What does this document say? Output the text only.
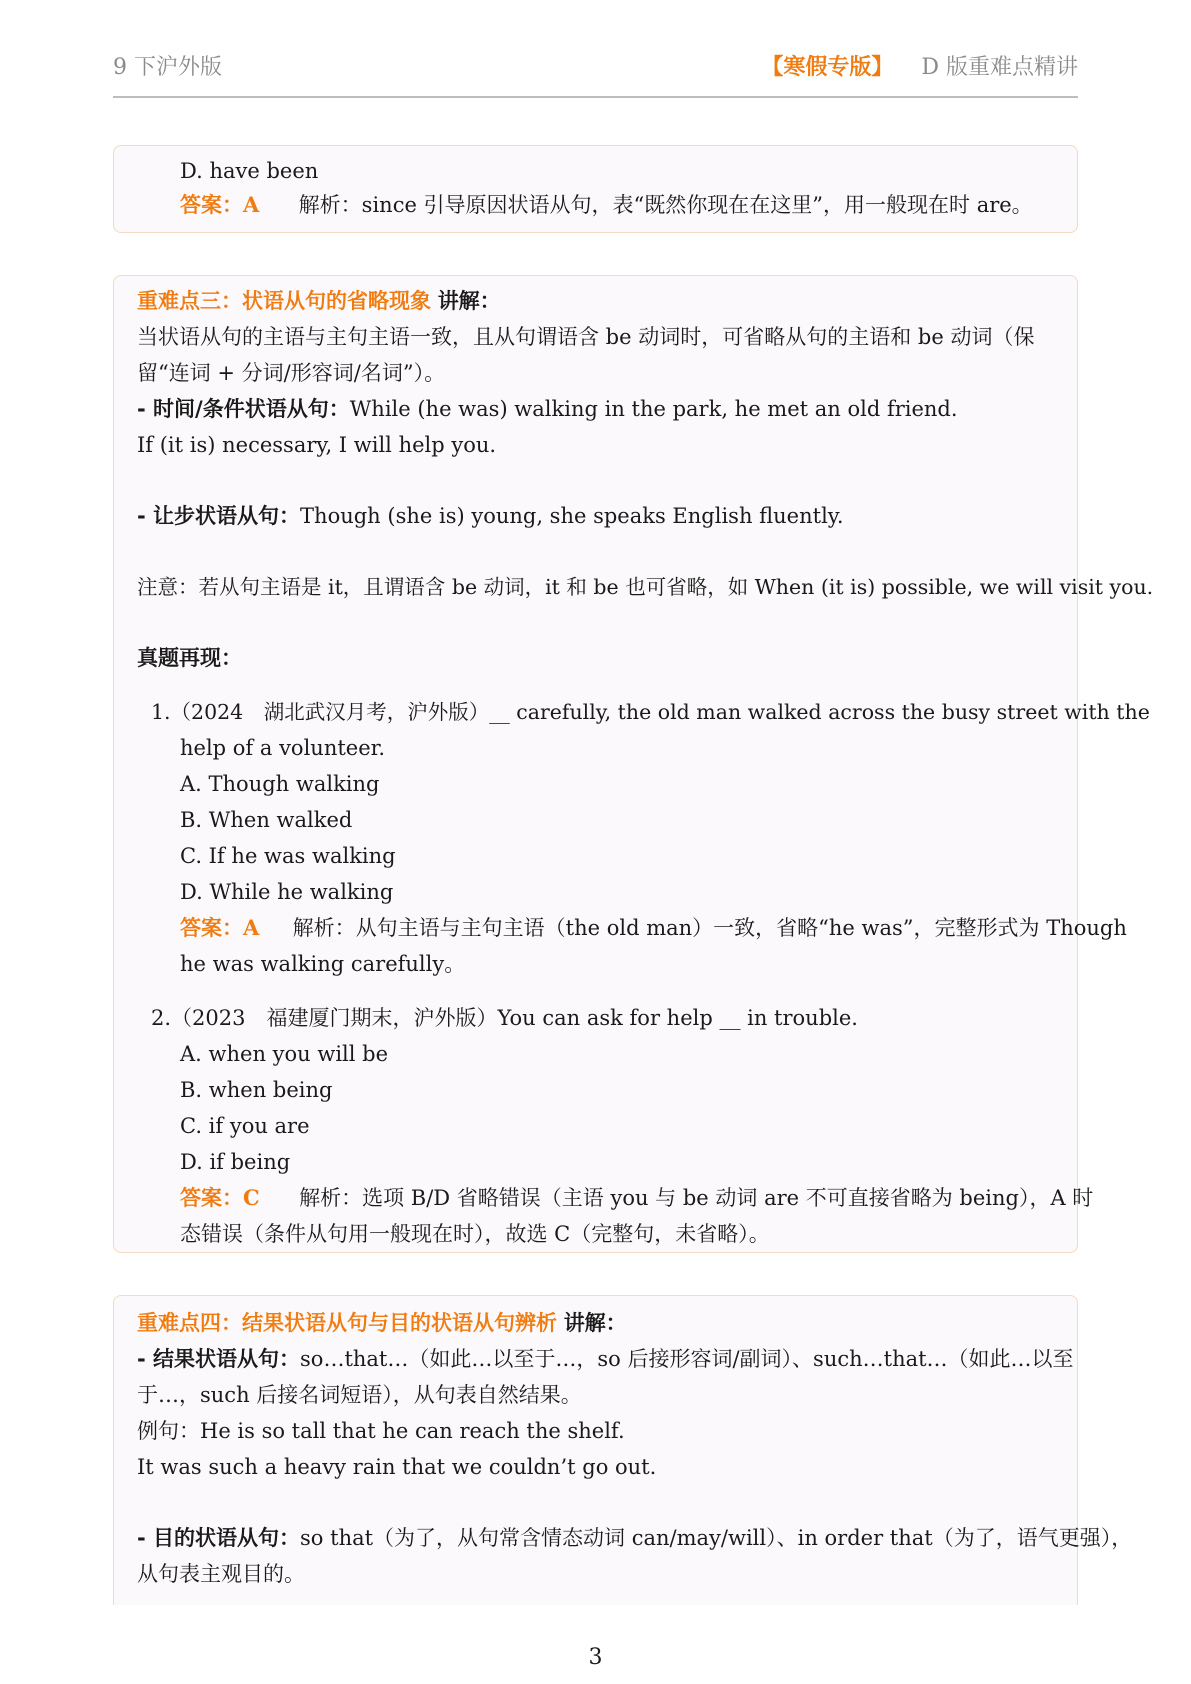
9 下沪外版	【寒假专版】 D 版重难点精讲
D. have been
答案：A 解析：since 引导原因状语从句，表“既然你现在在这里”，用一般现在时 are。
重难点三：状语从句的省略现象 讲解：
当状语从句的主语与主句主语一致，且从句谓语含 be 动词时，可省略从句的主语和 be 动词（保
留“连词 + 分词/形容词/名词”）。
- 时间/条件状语从句：While (he was) walking in the park, he met an old friend.
If (it is) necessary, I will help you.
- 让步状语从句：Though (she is) young, she speaks English fluently.
注意：若从句主语是 it，且谓语含 be 动词，it 和 be 也可省略，如 When (it is) possible, we will visit you.
真题再现：
1.（2024　湖北武汉月考，沪外版）__ carefully, the old man walked across the busy street with the
help of a volunteer.
A. Though walking
B. When walked
C. If he was walking
D. While he walking
答案：A 解析：从句主语与主句主语（the old man）一致，省略“he was”，完整形式为 Though
he was walking carefully。
2.（2023　福建厦门期末，沪外版）You can ask for help __ in trouble.
A. when you will be
B. when being
C. if you are
D. if being
答案：C 解析：选项 B/D 省略错误（主语 you 与 be 动词 are 不可直接省略为 being），A 时
态错误（条件从句用一般现在时），故选 C（完整句，未省略）。
重难点四：结果状语从句与目的状语从句辨析 讲解：
- 结果状语从句：so…that…（如此…以至于…，so 后接形容词/副词）、such…that…（如此…以至
于…，such 后接名词短语），从句表自然结果。
例句：He is so tall that he can reach the shelf.
It was such a heavy rain that we couldn’t go out.
- 目的状语从句：so that（为了，从句常含情态动词 can/may/will）、in order that（为了，语气更强），
从句表主观目的。
3
